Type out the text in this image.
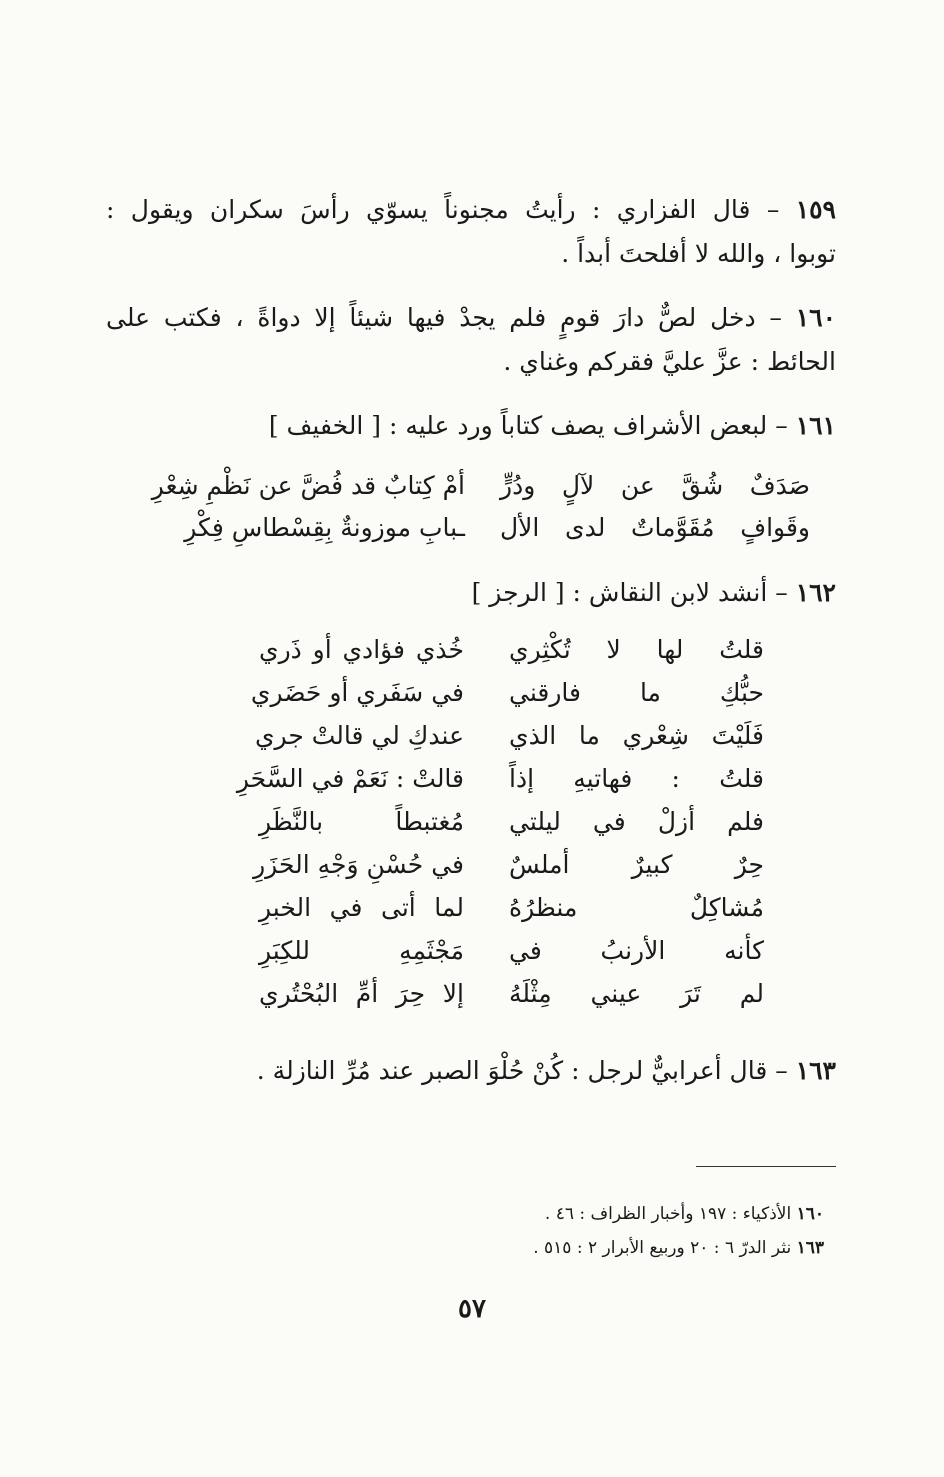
١٥٩ – قال الفزاري : رأيتُ مجنوناً يسوّي رأسَ سكران ويقول :
توبوا ، والله لا أفلحتَ أبداً .
١٦٠ – دخل لصٌّ دارَ قومٍ فلم يجدْ فيها شيئاً إلا دواةً ، فكتب على
الحائط : عزَّ عليَّ فقركم وغناي .
١٦١ – لبعض الأشراف يصف كتاباً ورد عليه : [ الخفيف ]
صَدَفٌ شُقَّ عن لآلٍ ودُرٍّ
أمْ كِتابٌ قد فُضَّ عن نَظْمِ شِعْرِ
وقَوافٍ مُقَوَّماتٌ لدى الأل
ـبابِ موزونةٌ بِقِسْطاسِ فِكْرِ
١٦٢ – أنشد لابن النقاش : [ الرجز ]
قلتُ لها لا تُكْثِري
خُذي فؤادي أو ذَري
حبُّكِ ما فارقني
في سَفَري أو حَضَري
فَلَيْتَ شِعْري ما الذي
عندكِ لي قالتْ جري
قلتُ : فهاتيهِ إذاً
قالتْ : نَعَمْ في السَّحَرِ
فلم أزلْ في ليلتي
مُغتبطاً بالنَّظَرِ
حِرٌ كبيرٌ أملسٌ
في حُسْنِ وَجْهِ الحَزَرِ
مُشاكِلٌ منظرُهُ
لما أتى في الخبرِ
كأنه الأرنبُ في
مَجْثَمِهِ للكِبَرِ
لم تَرَ عيني مِثْلَهُ
إلا حِرَ أمِّ البُحْتُري
١٦٣ – قال أعرابيٌّ لرجل : كُنْ حُلْوَ الصبر عند مُرِّ النازلة .
١٦٠ الأذكياء : ١٩٧ وأخبار الظراف : ٤٦ .
١٦٣ نثر الدرّ ٦ : ٢٠ وربيع الأبرار ٢ : ٥١٥ .
٥٧
